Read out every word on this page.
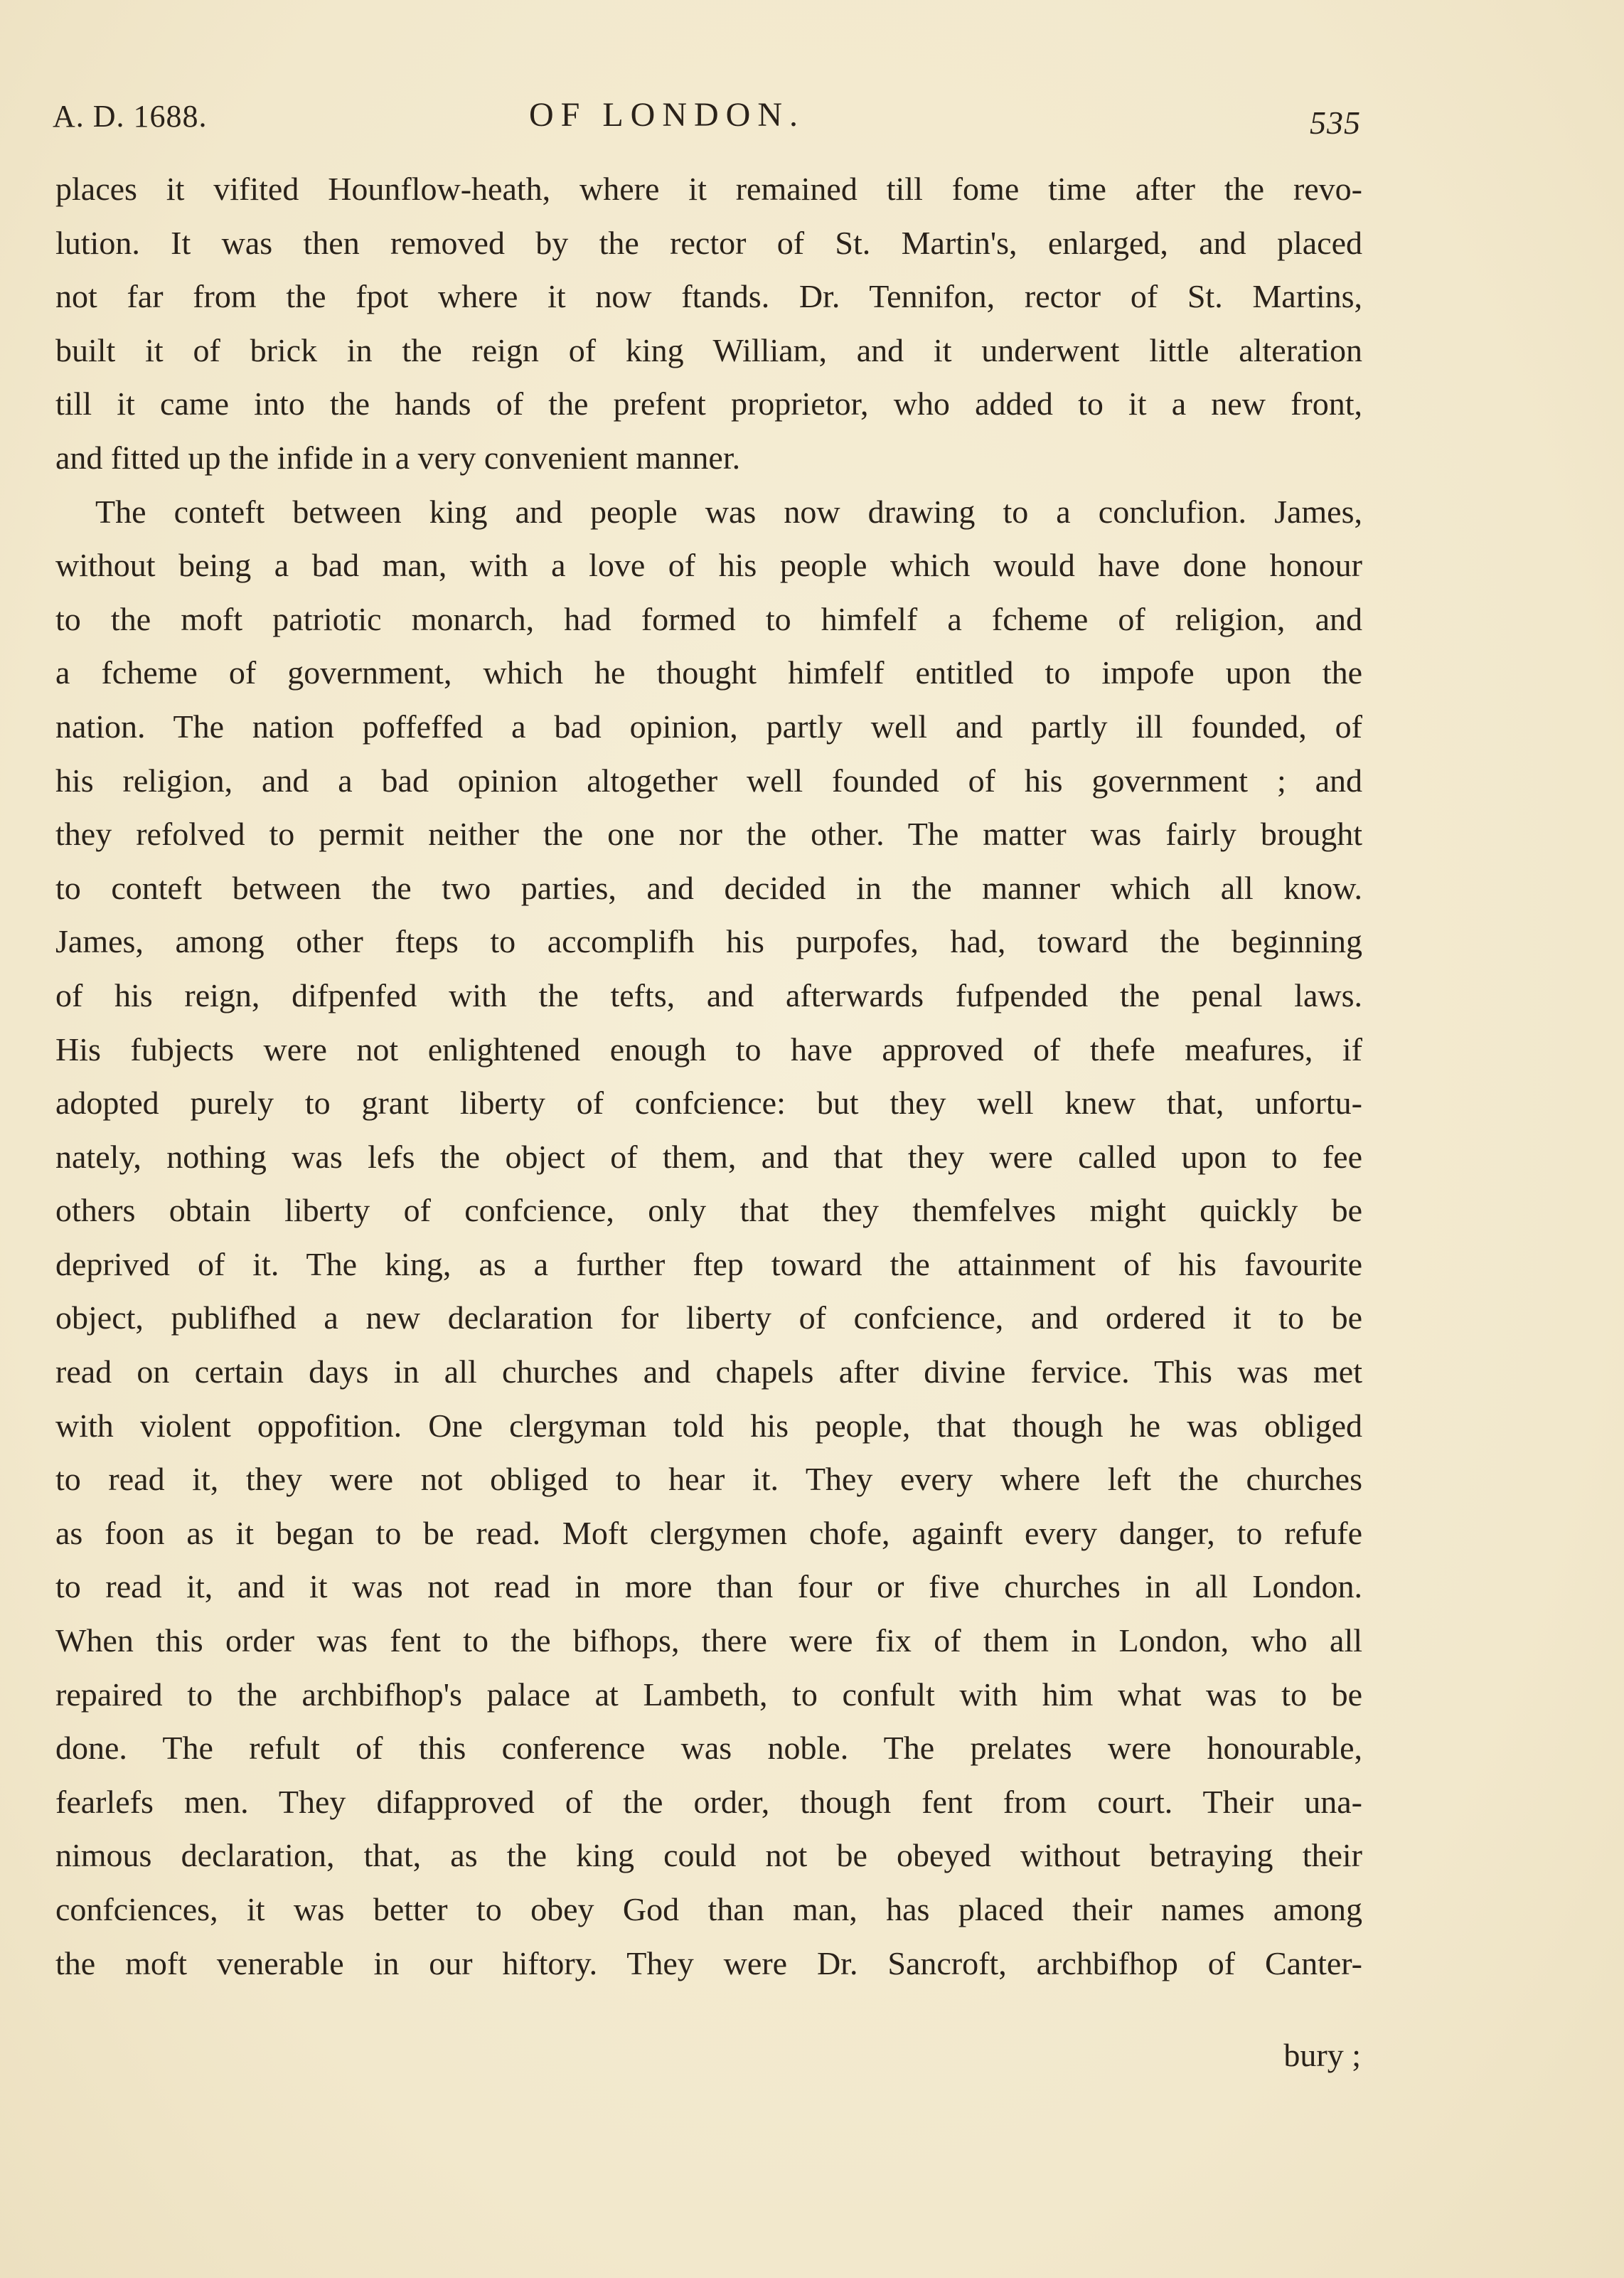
A. D. 1688.	OF LONDON.	535
places it vifited Hounflow-heath, where it remained till fome time after the revo-
lution. It was then removed by the rector of St. Martin's, enlarged, and placed
not far from the fpot where it now ftands. Dr. Tennifon, rector of St. Martins,
built it of brick in the reign of king William, and it underwent little alteration
till it came into the hands of the prefent proprietor, who added to it a new front,
and fitted up the infide in a very convenient manner.
The conteft between king and people was now drawing to a conclufion. James,
without being a bad man, with a love of his people which would have done honour
to the moft patriotic monarch, had formed to himfelf a fcheme of religion, and
a fcheme of government, which he thought himfelf entitled to impofe upon the
nation. The nation poffeffed a bad opinion, partly well and partly ill founded, of
his religion, and a bad opinion altogether well founded of his government ; and
they refolved to permit neither the one nor the other. The matter was fairly brought
to conteft between the two parties, and decided in the manner which all know.
James, among other fteps to accomplifh his purpofes, had, toward the beginning
of his reign, difpenfed with the tefts, and afterwards fufpended the penal laws.
His fubjects were not enlightened enough to have approved of thefe meafures, if
adopted purely to grant liberty of confcience: but they well knew that, unfortu-
nately, nothing was lefs the object of them, and that they were called upon to fee
others obtain liberty of confcience, only that they themfelves might quickly be
deprived of it. The king, as a further ftep toward the attainment of his favourite
object, publifhed a new declaration for liberty of confcience, and ordered it to be
read on certain days in all churches and chapels after divine fervice. This was met
with violent oppofition. One clergyman told his people, that though he was obliged
to read it, they were not obliged to hear it. They every where left the churches
as foon as it began to be read. Moft clergymen chofe, againft every danger, to refufe
to read it, and it was not read in more than four or five churches in all London.
When this order was fent to the bifhops, there were fix of them in London, who all
repaired to the archbifhop's palace at Lambeth, to confult with him what was to be
done. The refult of this conference was noble. The prelates were honourable,
fearlefs men. They difapproved of the order, though fent from court. Their una-
nimous declaration, that, as the king could not be obeyed without betraying their
confciences, it was better to obey God than man, has placed their names among
the moft venerable in our hiftory. They were Dr. Sancroft, archbifhop of Canter-
bury ;
